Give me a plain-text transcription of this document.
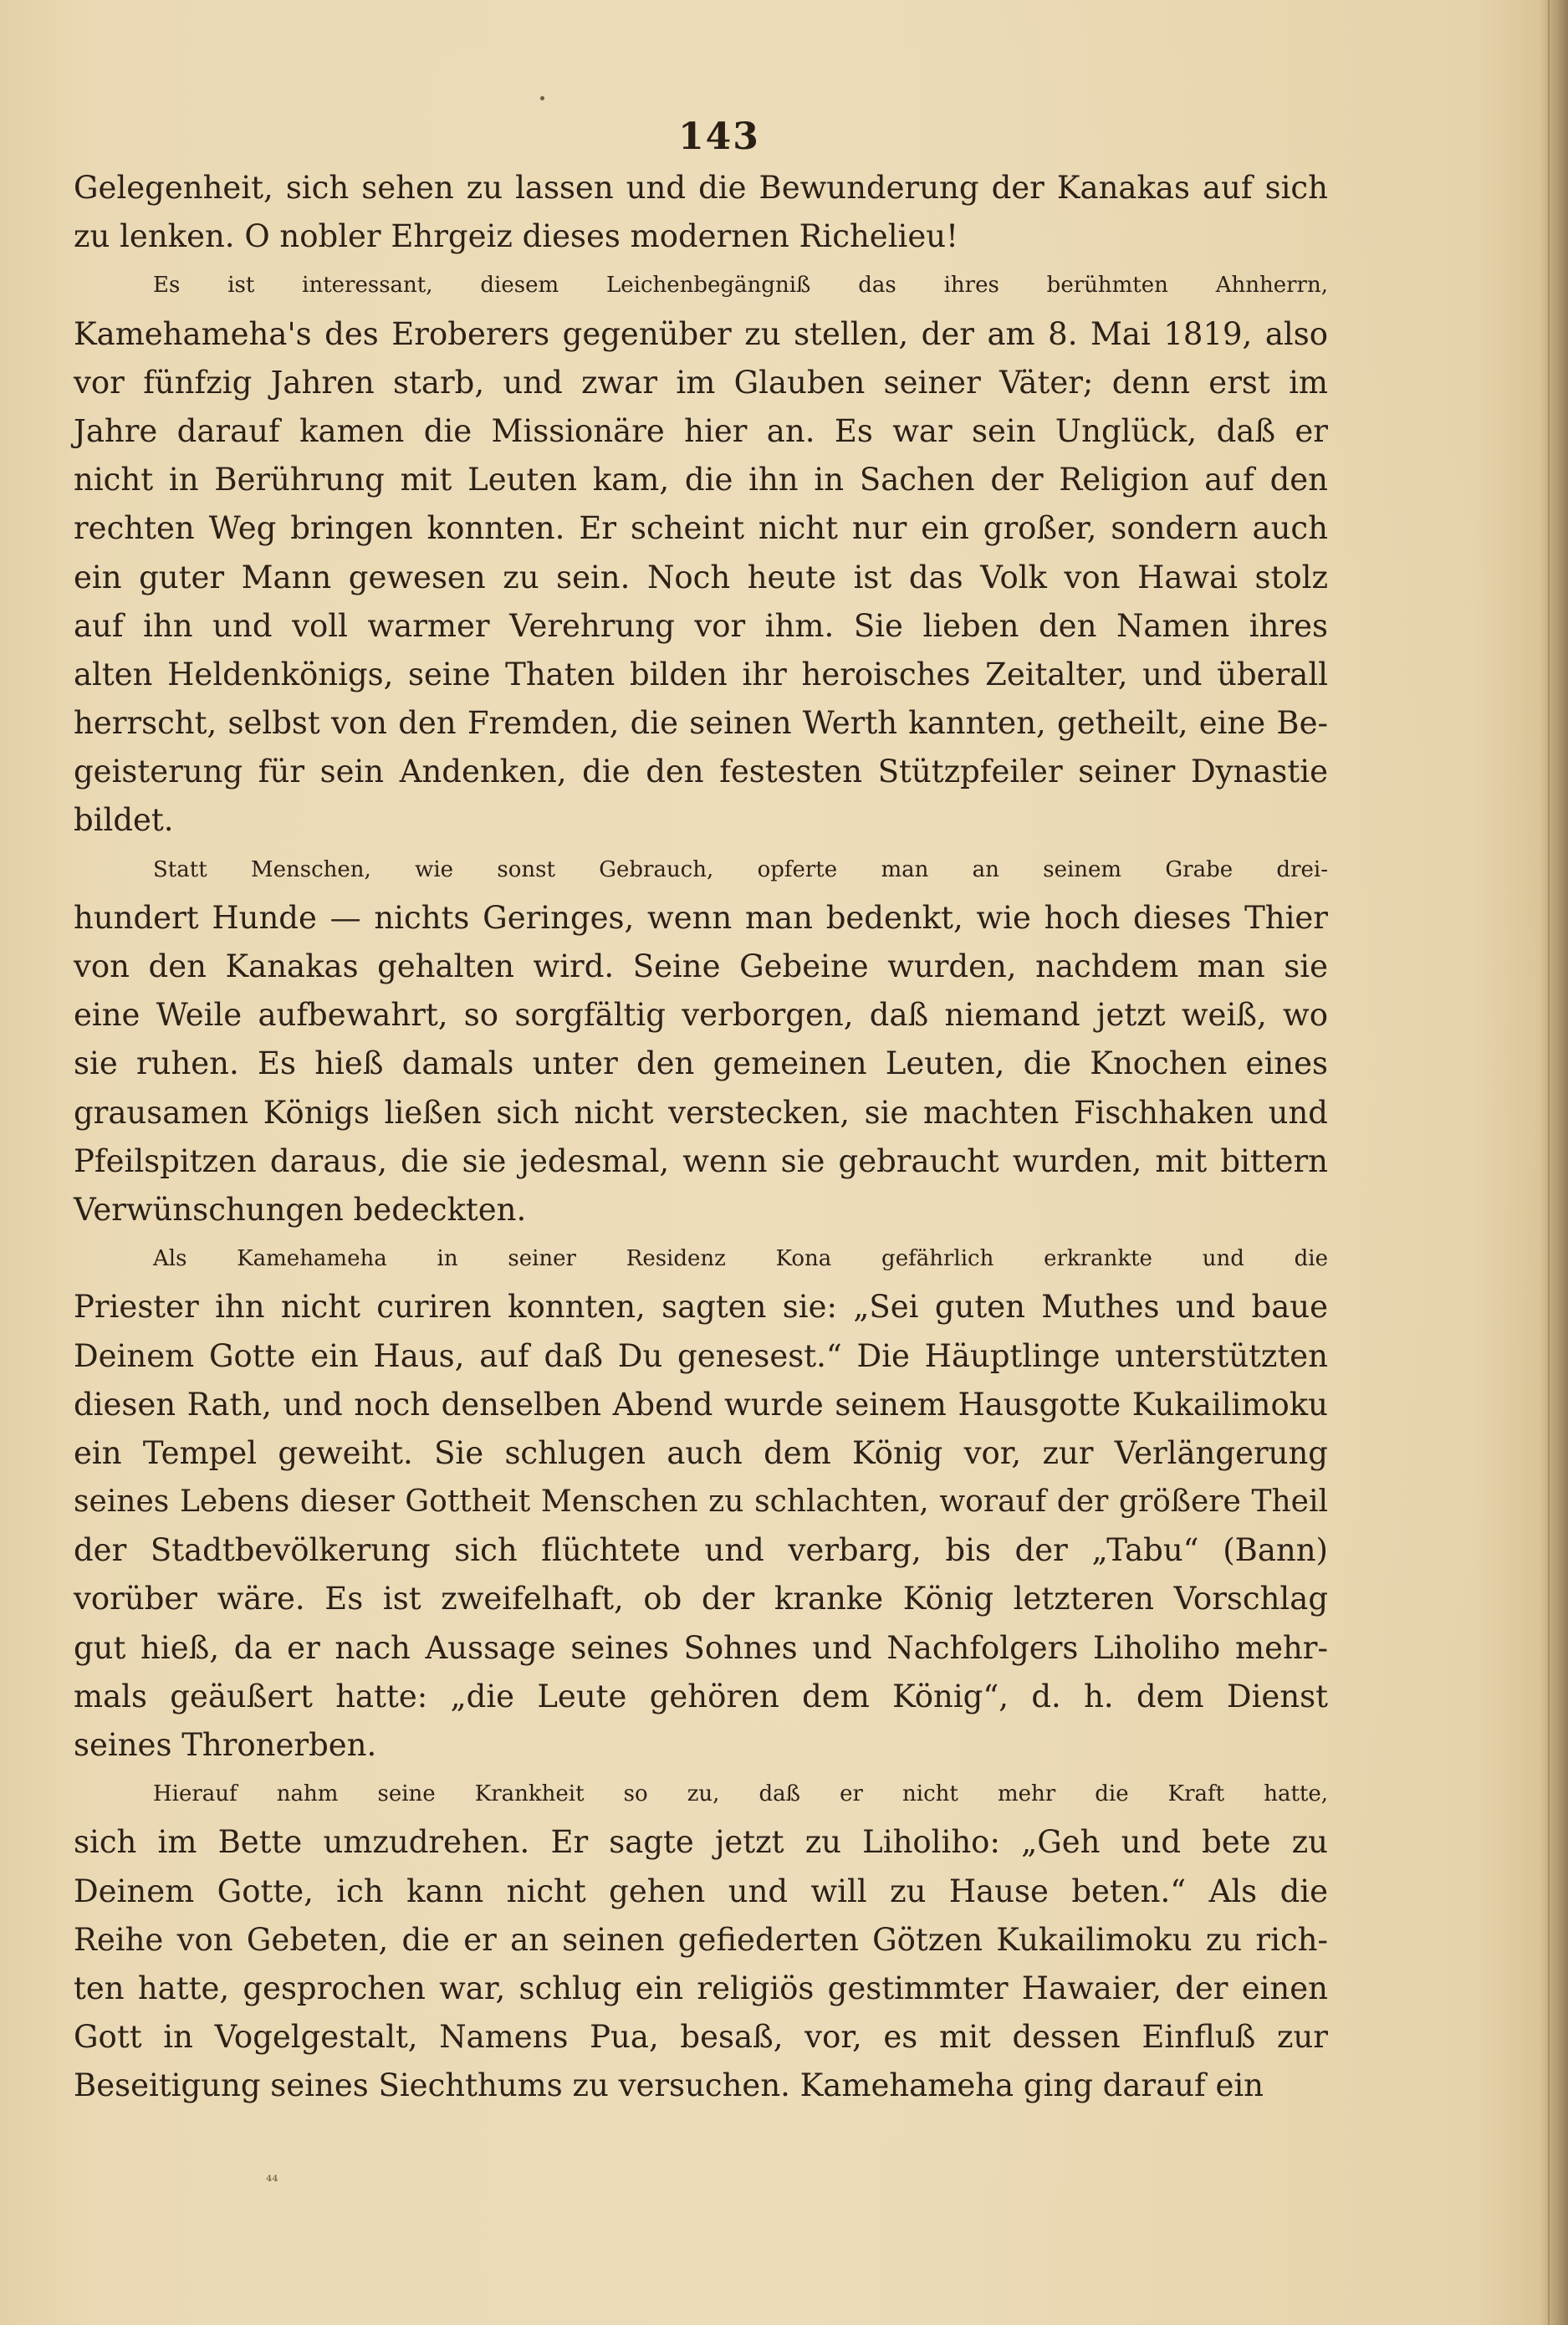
143
Gelegenheit, sich sehen zu lassen und die Bewunderung der Kanakas auf sich
zu lenken. O nobler Ehrgeiz dieses modernen Richelieu!
Es ist interessant, diesem Leichenbegängniß das ihres berühmten Ahnherrn,
Kamehameha's des Eroberers gegenüber zu stellen, der am 8. Mai 1819, also
vor fünfzig Jahren starb, und zwar im Glauben seiner Väter; denn erst im
Jahre darauf kamen die Missionäre hier an. Es war sein Unglück, daß er
nicht in Berührung mit Leuten kam, die ihn in Sachen der Religion auf den
rechten Weg bringen konnten. Er scheint nicht nur ein großer, sondern auch
ein guter Mann gewesen zu sein. Noch heute ist das Volk von Hawai stolz
auf ihn und voll warmer Verehrung vor ihm. Sie lieben den Namen ihres
alten Heldenkönigs, seine Thaten bilden ihr heroisches Zeitalter, und überall
herrscht, selbst von den Fremden, die seinen Werth kannten, getheilt, eine Be-
geisterung für sein Andenken, die den festesten Stützpfeiler seiner Dynastie
bildet.
Statt Menschen, wie sonst Gebrauch, opferte man an seinem Grabe drei-
hundert Hunde — nichts Geringes, wenn man bedenkt, wie hoch dieses Thier
von den Kanakas gehalten wird. Seine Gebeine wurden, nachdem man sie
eine Weile aufbewahrt, so sorgfältig verborgen, daß niemand jetzt weiß, wo
sie ruhen. Es hieß damals unter den gemeinen Leuten, die Knochen eines
grausamen Königs ließen sich nicht verstecken, sie machten Fischhaken und
Pfeilspitzen daraus, die sie jedesmal, wenn sie gebraucht wurden, mit bittern
Verwünschungen bedeckten.
Als Kamehameha in seiner Residenz Kona gefährlich erkrankte und die
Priester ihn nicht curiren konnten, sagten sie: „Sei guten Muthes und baue
Deinem Gotte ein Haus, auf daß Du genesest.“ Die Häuptlinge unterstützten
diesen Rath, und noch denselben Abend wurde seinem Hausgotte Kukailimoku
ein Tempel geweiht. Sie schlugen auch dem König vor, zur Verlängerung
seines Lebens dieser Gottheit Menschen zu schlachten, worauf der größere Theil
der Stadtbevölkerung sich flüchtete und verbarg, bis der „Tabu“ (Bann)
vorüber wäre. Es ist zweifelhaft, ob der kranke König letzteren Vorschlag
gut hieß, da er nach Aussage seines Sohnes und Nachfolgers Liholiho mehr-
mals geäußert hatte: „die Leute gehören dem König“, d. h. dem Dienst
seines Thronerben.
Hierauf nahm seine Krankheit so zu, daß er nicht mehr die Kraft hatte,
sich im Bette umzudrehen. Er sagte jetzt zu Liholiho: „Geh und bete zu
Deinem Gotte, ich kann nicht gehen und will zu Hause beten.“ Als die
Reihe von Gebeten, die er an seinen gefiederten Götzen Kukailimoku zu rich-
ten hatte, gesprochen war, schlug ein religiös gestimmter Hawaier, der einen
Gott in Vogelgestalt, Namens Pua, besaß, vor, es mit dessen Einfluß zur
Beseitigung seines Siechthums zu versuchen. Kamehameha ging darauf ein
⁴⁴
